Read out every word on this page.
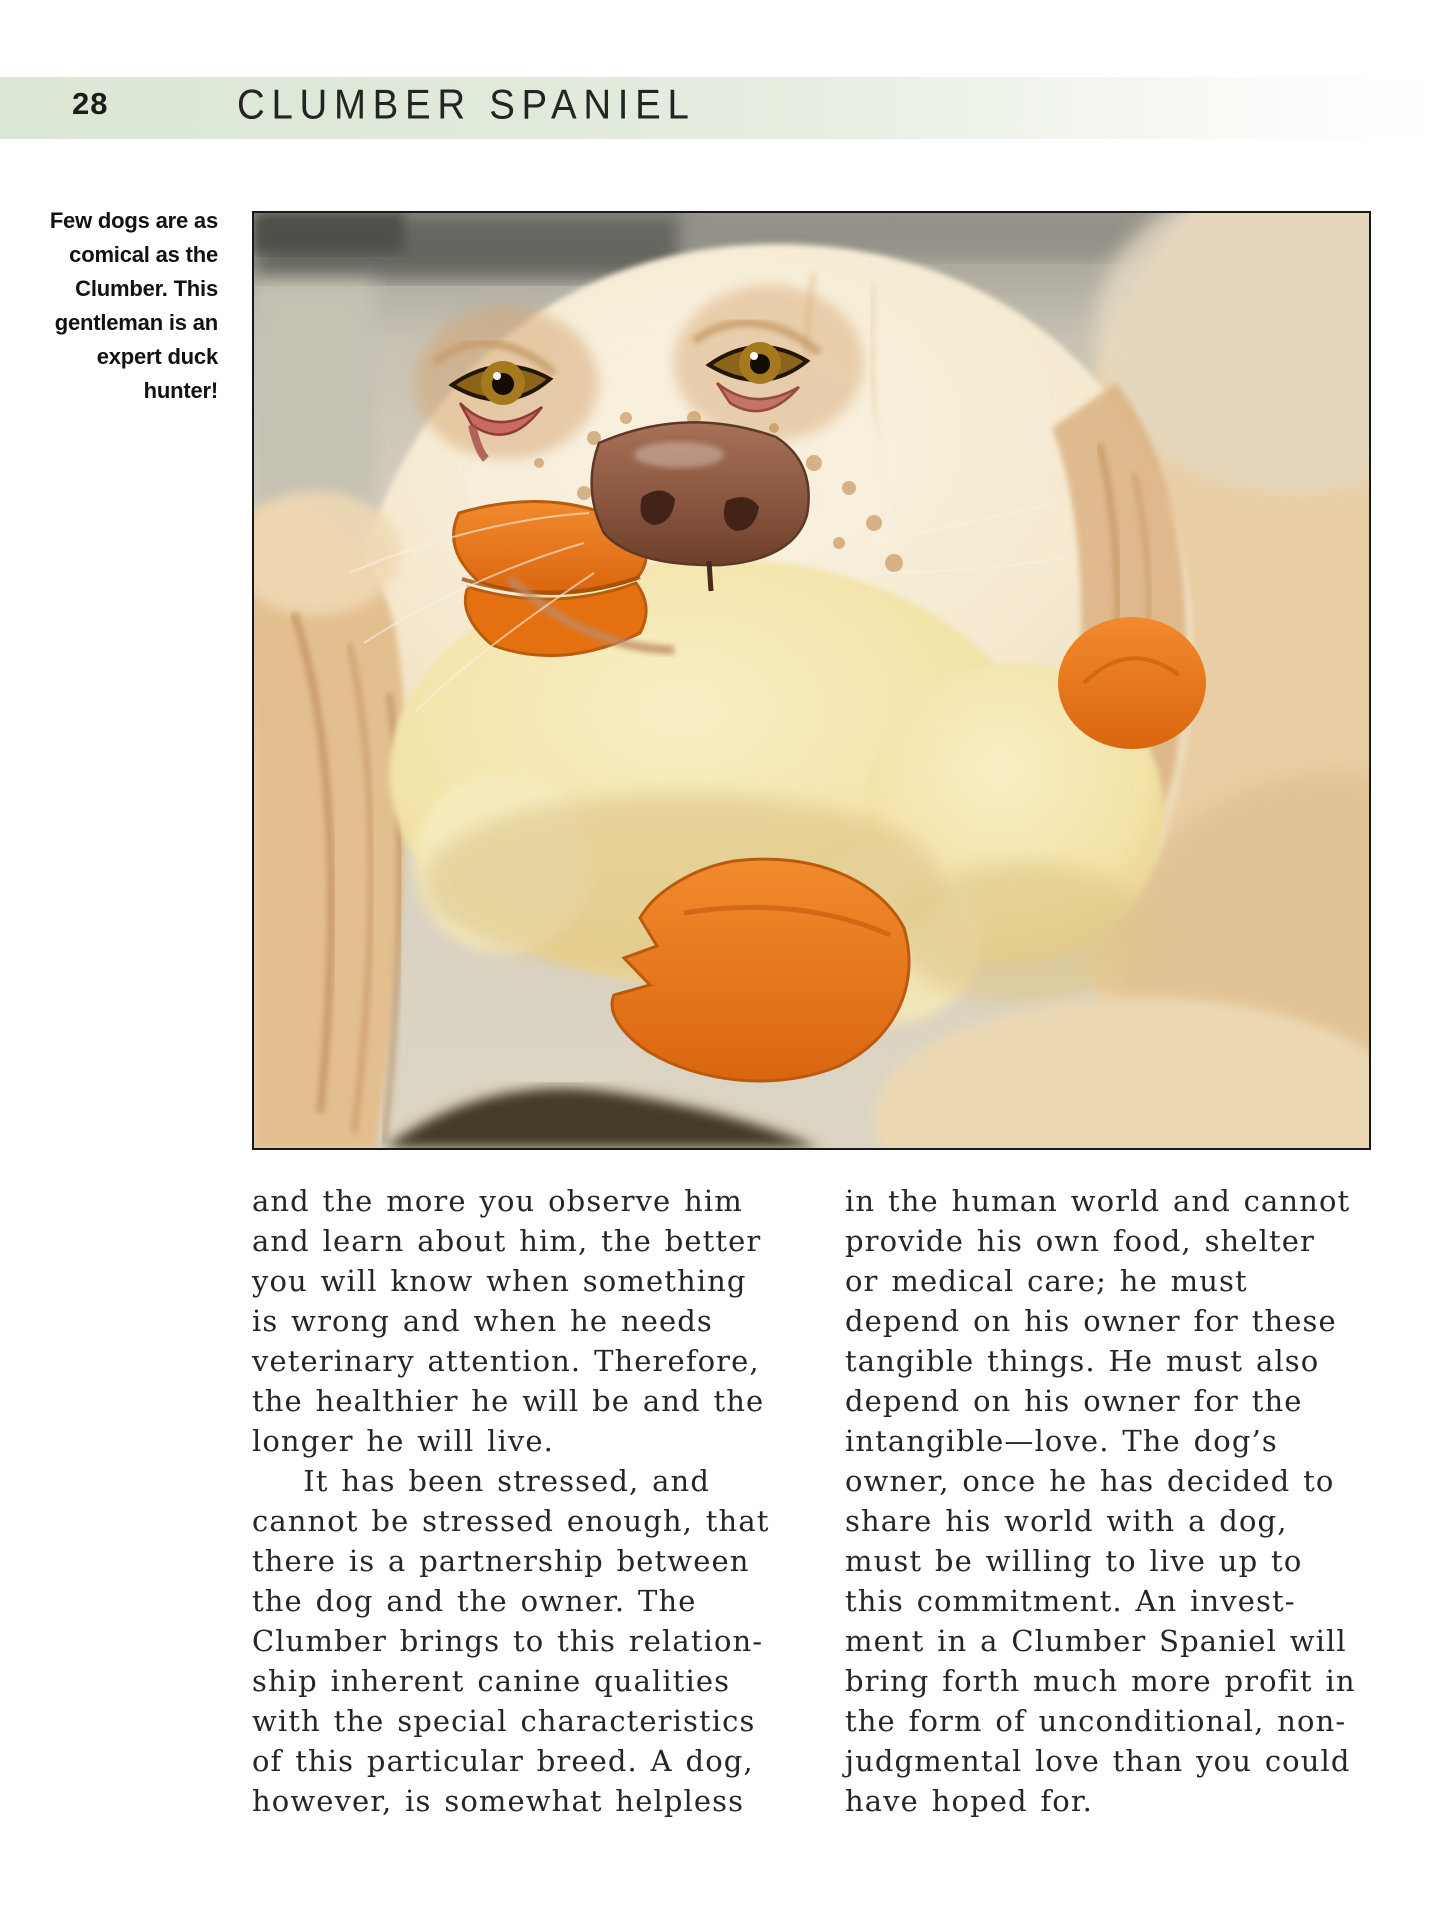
28	CLUMBER SPANIEL
Few dogs are as
comical as the
Clumber. This
gentleman is an
expert duck
hunter!
and the more you observe him
and learn about him, the better
you will know when something
is wrong and when he needs
veterinary attention. Therefore,
the healthier he will be and the
longer he will live.
It has been stressed, and
cannot be stressed enough, that
there is a partnership between
the dog and the owner. The
Clumber brings to this relation-
ship inherent canine qualities
with the special characteristics
of this particular breed. A dog,
however, is somewhat helpless
in the human world and cannot
provide his own food, shelter
or medical care; he must
depend on his owner for these
tangible things. He must also
depend on his owner for the
intangible—love. The dog’s
owner, once he has decided to
share his world with a dog,
must be willing to live up to
this commitment. An invest-
ment in a Clumber Spaniel will
bring forth much more profit in
the form of unconditional, non-
judgmental love than you could
have hoped for.
